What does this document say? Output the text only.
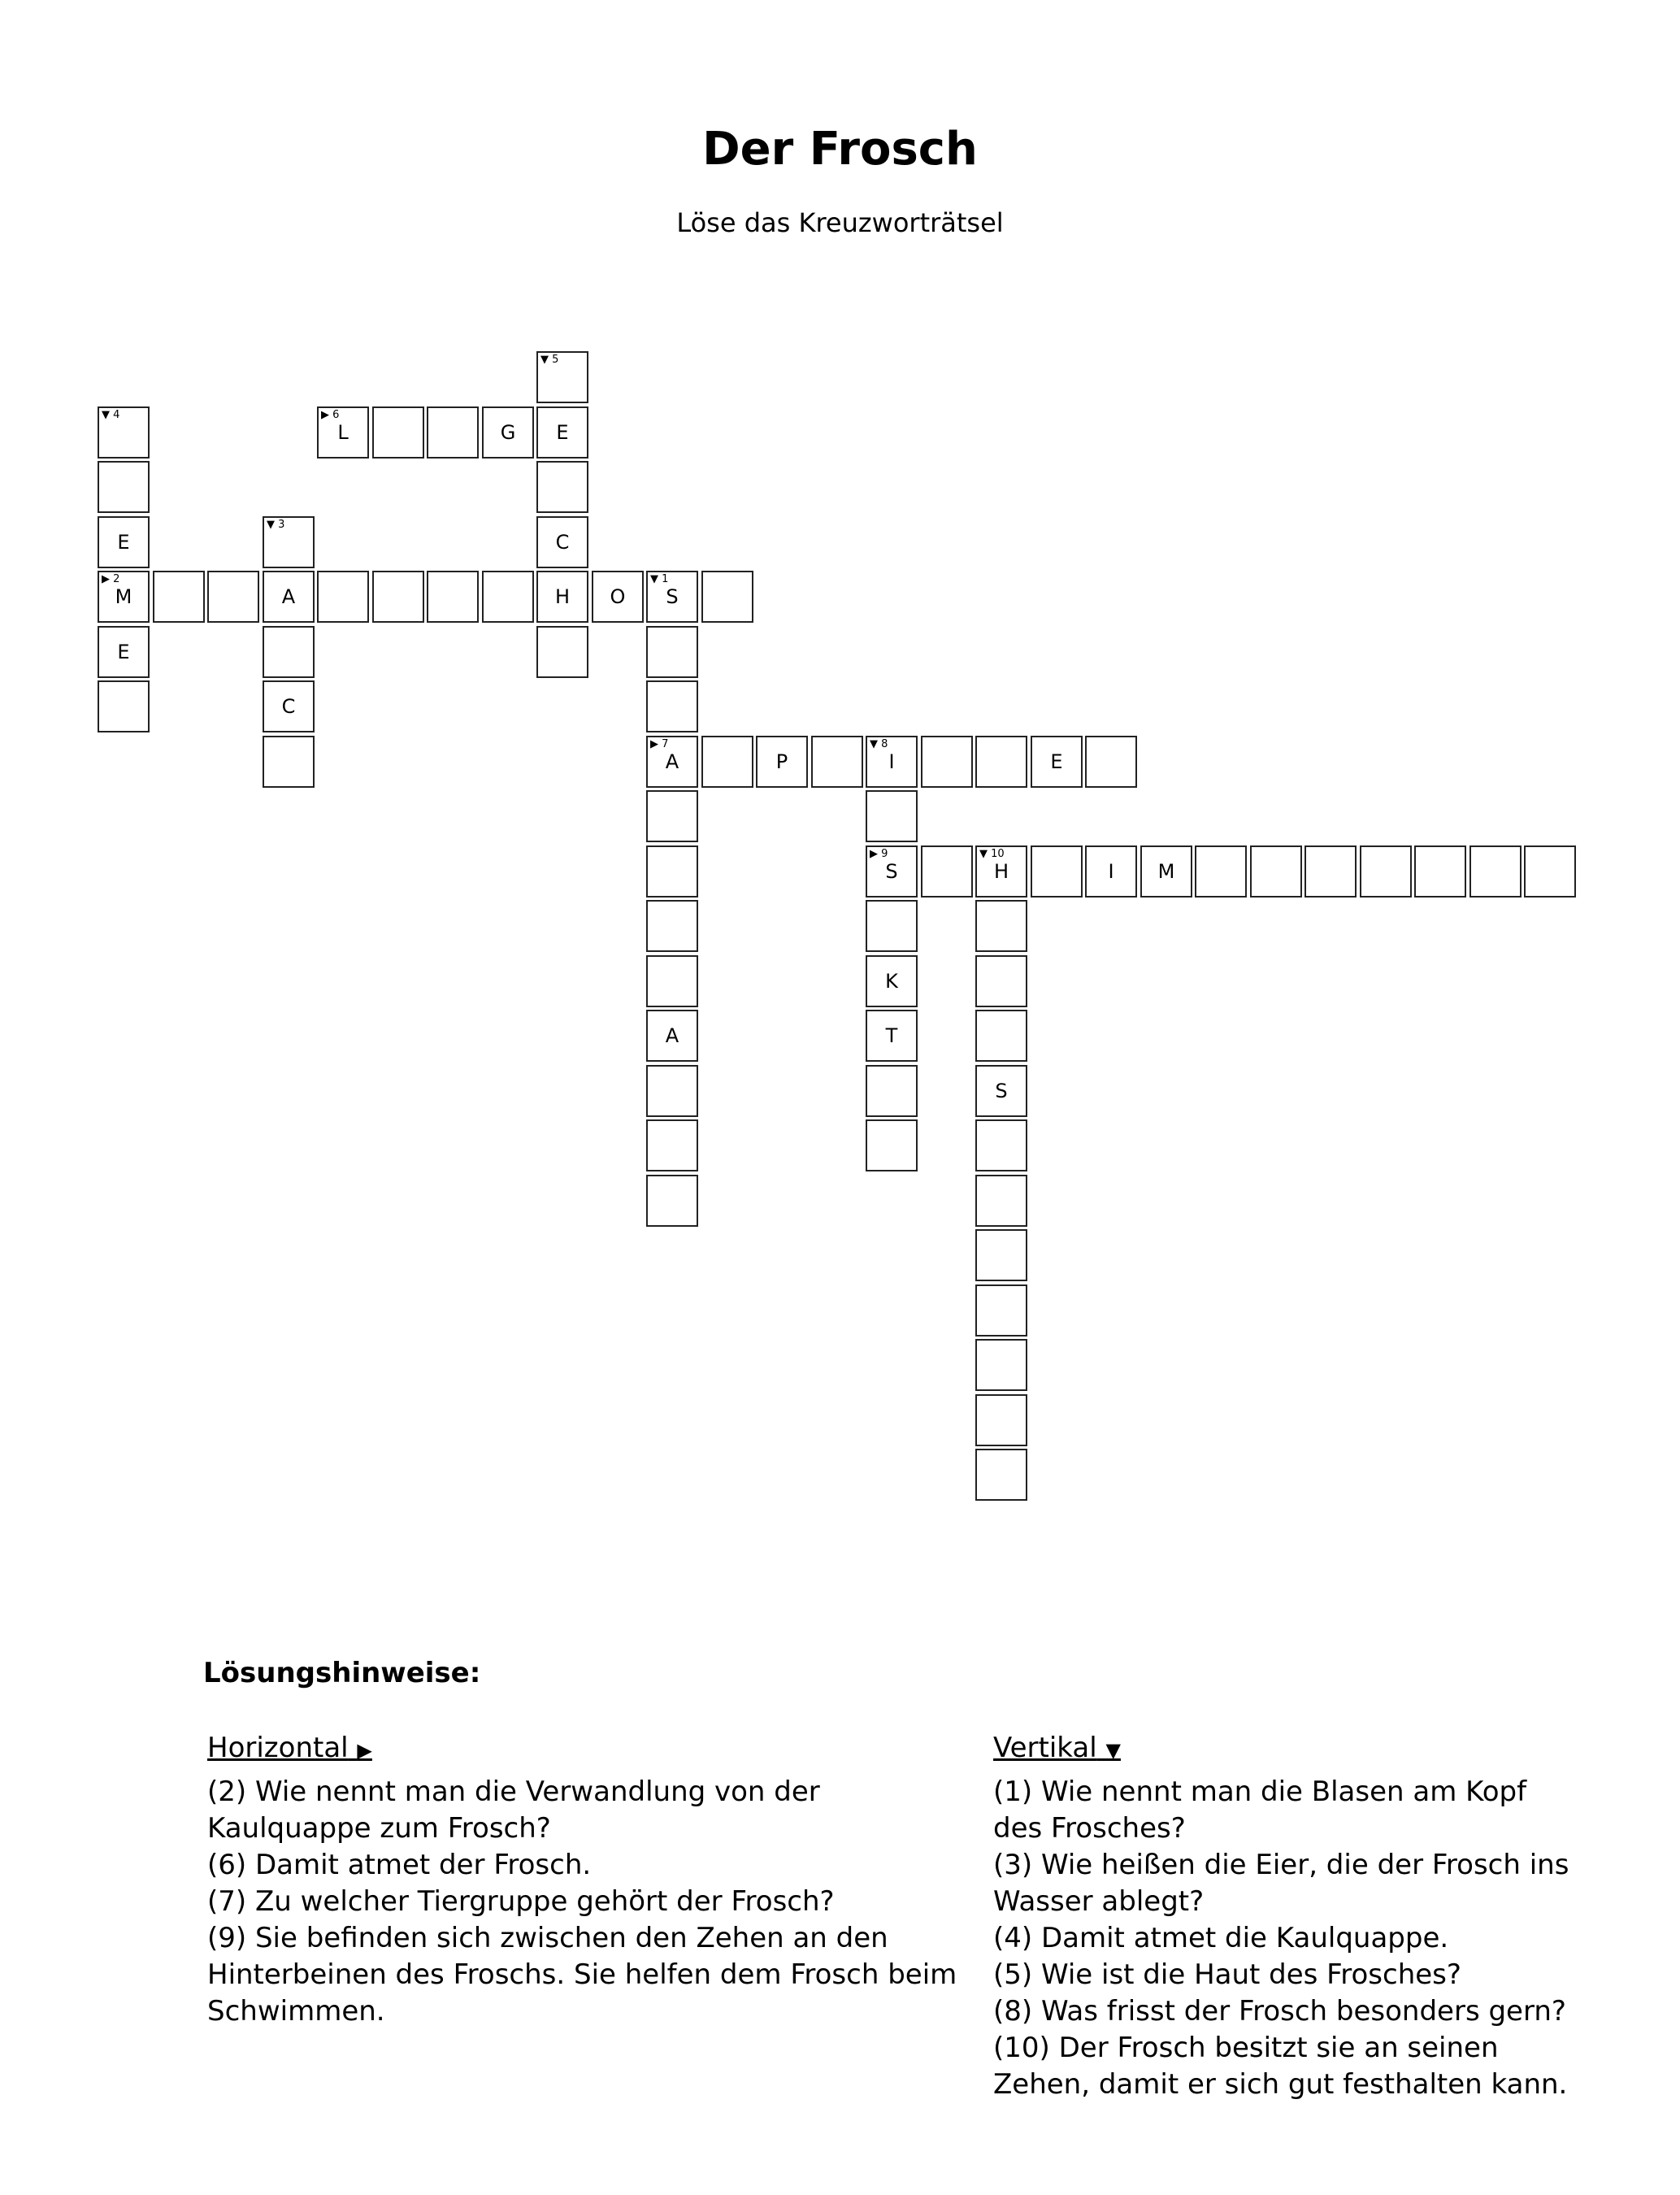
Der Frosch
Löse das Kreuzworträtsel
▼ 1
S
▶ 7
A
A
▶ 2
M	A	H	O
▼ 3
C
▼ 4
E
E
▼ 5
E
C
▶ 6
L	G
P
▼ 8
I	E
▶ 9
S
K
T
▼ 10
H	I	M
S
Lösungshinweise:
Horizontal ▶
(2) Wie nennt man die Verwandlung von der Kaulquappe zum Frosch?
(6) Damit atmet der Frosch.
(7) Zu welcher Tiergruppe gehört der Frosch?
(9) Sie befinden sich zwischen den Zehen an den Hinterbeinen des Froschs. Sie helfen dem Frosch beim Schwimmen.
Vertikal ▼
(1) Wie nennt man die Blasen am Kopf des Frosches?
(3) Wie heißen die Eier, die der Frosch ins Wasser ablegt?
(4) Damit atmet die Kaulquappe.
(5) Wie ist die Haut des Frosches?
(8) Was frisst der Frosch besonders gern?
(10) Der Frosch besitzt sie an seinen Zehen, damit er sich gut festhalten kann.
